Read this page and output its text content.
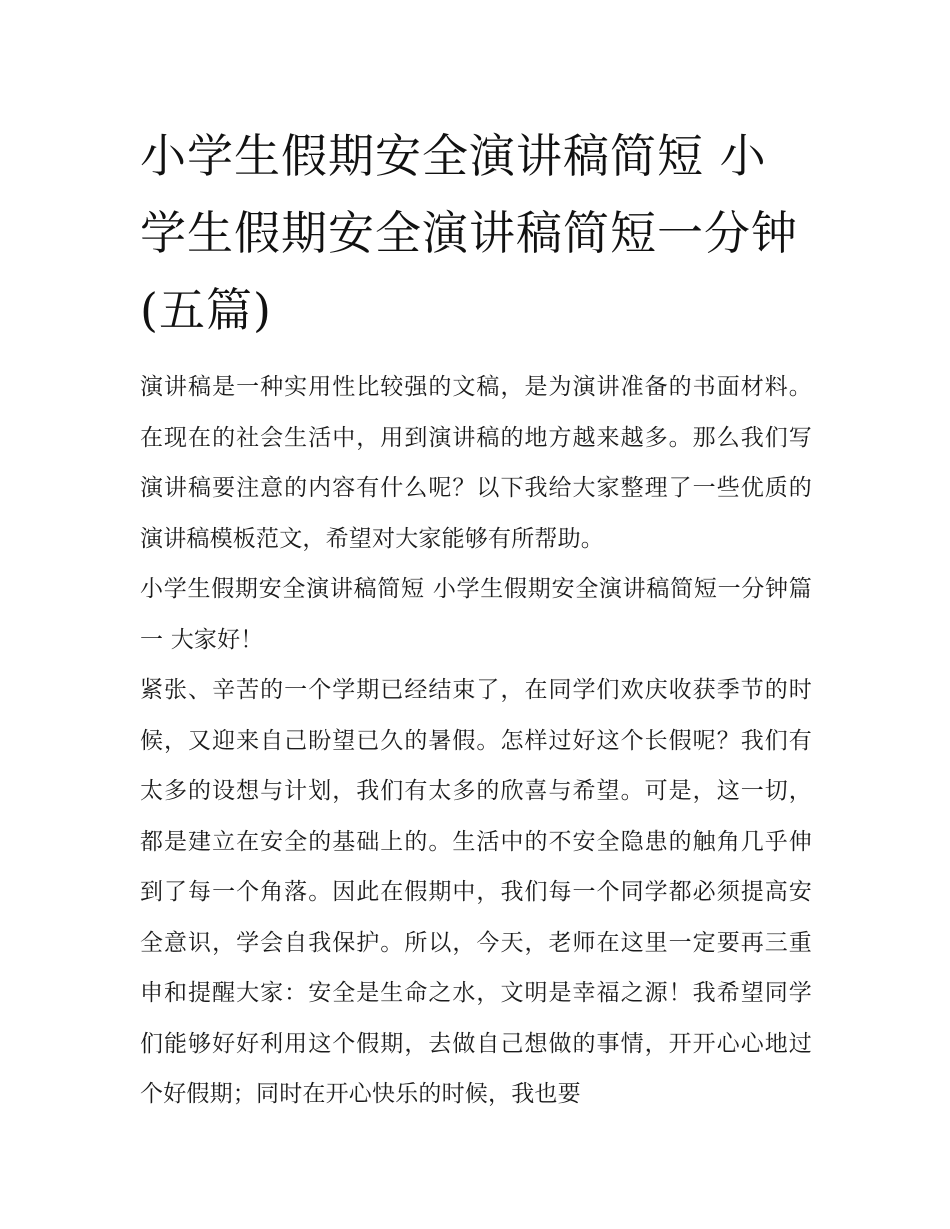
小学生假期安全演讲稿简短 小学生假期安全演讲稿简短一分钟(五篇)

演讲稿是一种实用性比较强的文稿，是为演讲准备的书面材料。在现在的社会生活中，用到演讲稿的地方越来越多。那么我们写演讲稿要注意的内容有什么呢？以下我给大家整理了一些优质的演讲稿模板范文，希望对大家能够有所帮助。

小学生假期安全演讲稿简短 小学生假期安全演讲稿简短一分钟篇一 大家好！

紧张、辛苦的一个学期已经结束了，在同学们欢庆收获季节的时候，又迎来自己盼望已久的暑假。怎样过好这个长假呢？我们有太多的设想与计划，我们有太多的欣喜与希望。可是，这一切，都是建立在安全的基础上的。生活中的不安全隐患的触角几乎伸到了每一个角落。因此在假期中，我们每一个同学都必须提高安全意识，学会自我保护。所以，今天，老师在这里一定要再三重申和提醒大家：安全是生命之水，文明是幸福之源！我希望同学们能够好好利用这个假期，去做自己想做的事情，开开心心地过个好假期；同时在开心快乐的时候，我也要
